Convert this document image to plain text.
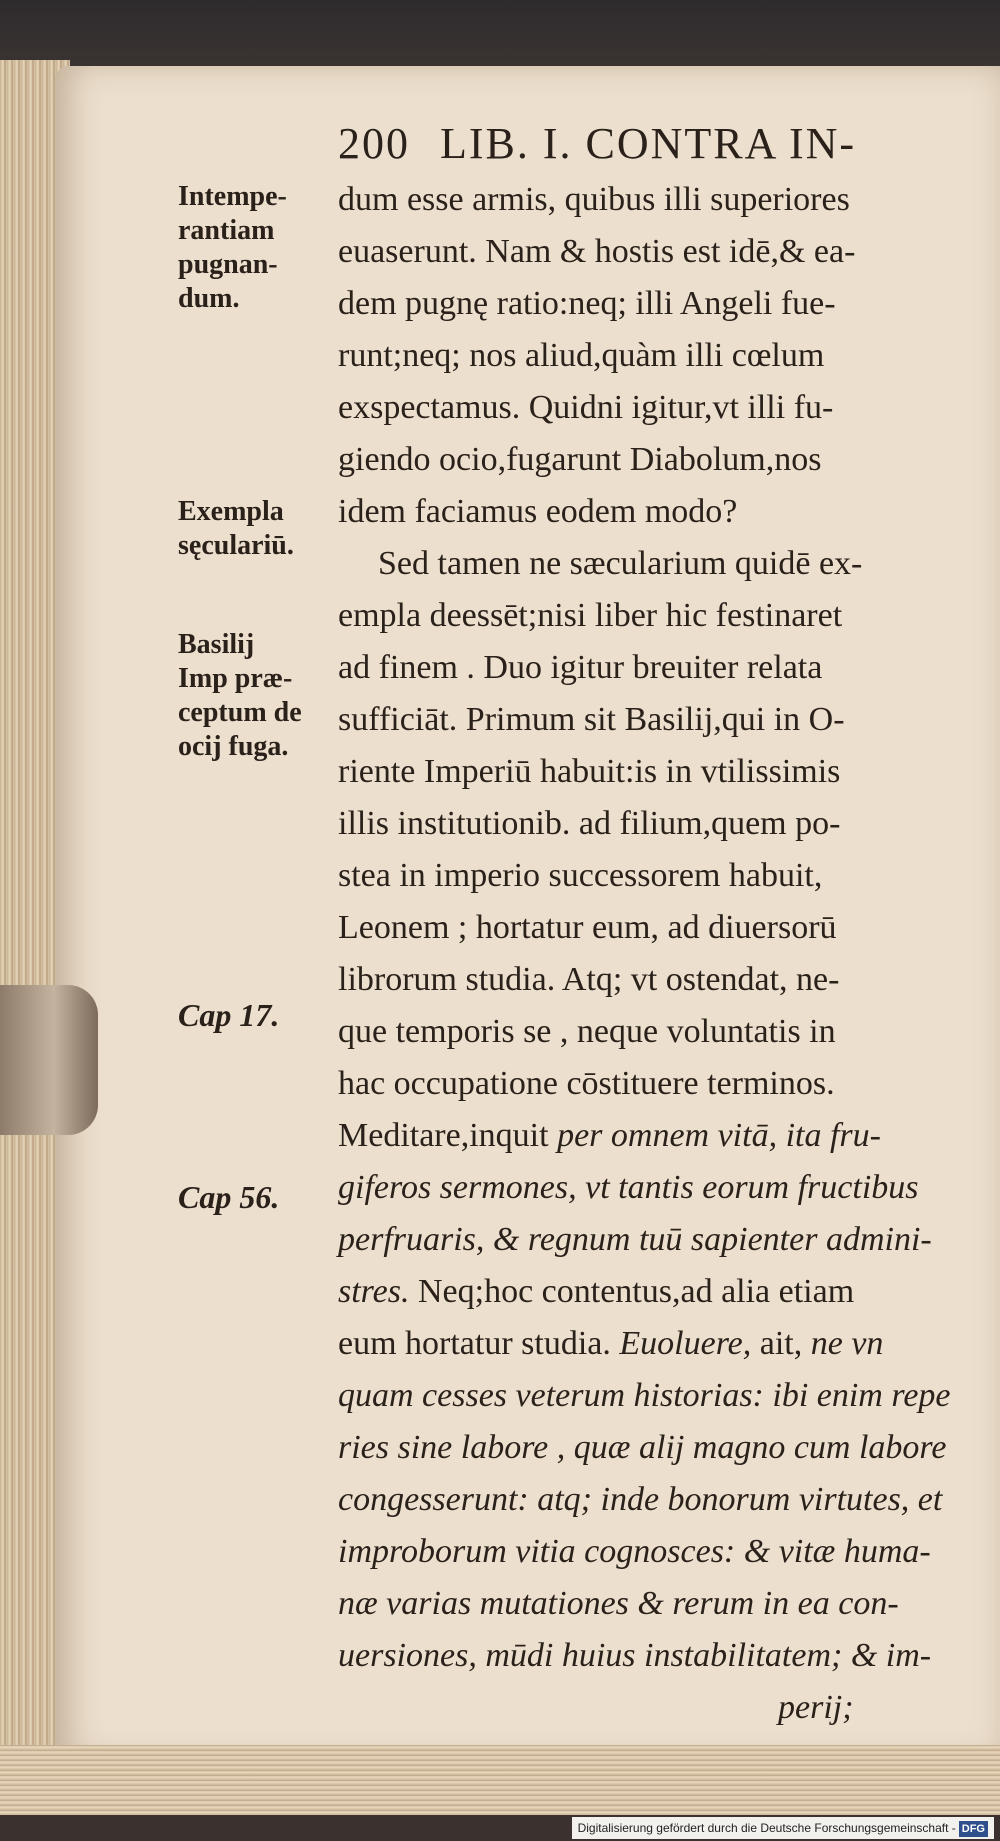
200 LIB. I. CONTRA IN-
Intempe-
rantiam
pugnan-
dum.
Exempla
sęculariū.
Basilij
Imp præ-
ceptum de
ocij fuga.
Cap 17.
Cap 56.
dum esse armis, quibus illi superiores
euaserunt. Nam & hostis est idē,& ea-
dem pugnę ratio:neq; illi Angeli fue-
runt;neq; nos aliud,quàm illi cœlum
exspectamus. Quidni igitur,vt illi fu-
giendo ocio,fugarunt Diabolum,nos
idem faciamus eodem modo?
Sed tamen ne sæcularium quidē ex-
empla deessēt;nisi liber hic festinaret
ad finem . Duo igitur breuiter relata
sufficiāt. Primum sit Basilij,qui in O-
riente Imperiū habuit:is in vtilissimis
illis institutionib. ad filium,quem po-
stea in imperio successorem habuit,
Leonem ; hortatur eum, ad diuersorū
librorum studia. Atq; vt ostendat, ne-
que temporis se , neque voluntatis in
hac occupatione cōstituere terminos.
Meditare,inquit per omnem vitā, ita fru-
giferos sermones, vt tantis eorum fructibus
perfruaris, & regnum tuū sapienter admini-
stres. Neq;hoc contentus,ad alia etiam
eum hortatur studia. Euoluere, ait, ne vn
quam cesses veterum historias: ibi enim repe
ries sine labore , quæ alij magno cum labore
congesserunt: atq; inde bonorum virtutes, et
improborum vitia cognosces: & vitæ huma-
næ varias mutationes & rerum in ea con-
uersiones, mūdi huius instabilitatem; & im-
perij;
Digitalisierung gefördert durch die Deutsche Forschungsgemeinschaft - DFG
